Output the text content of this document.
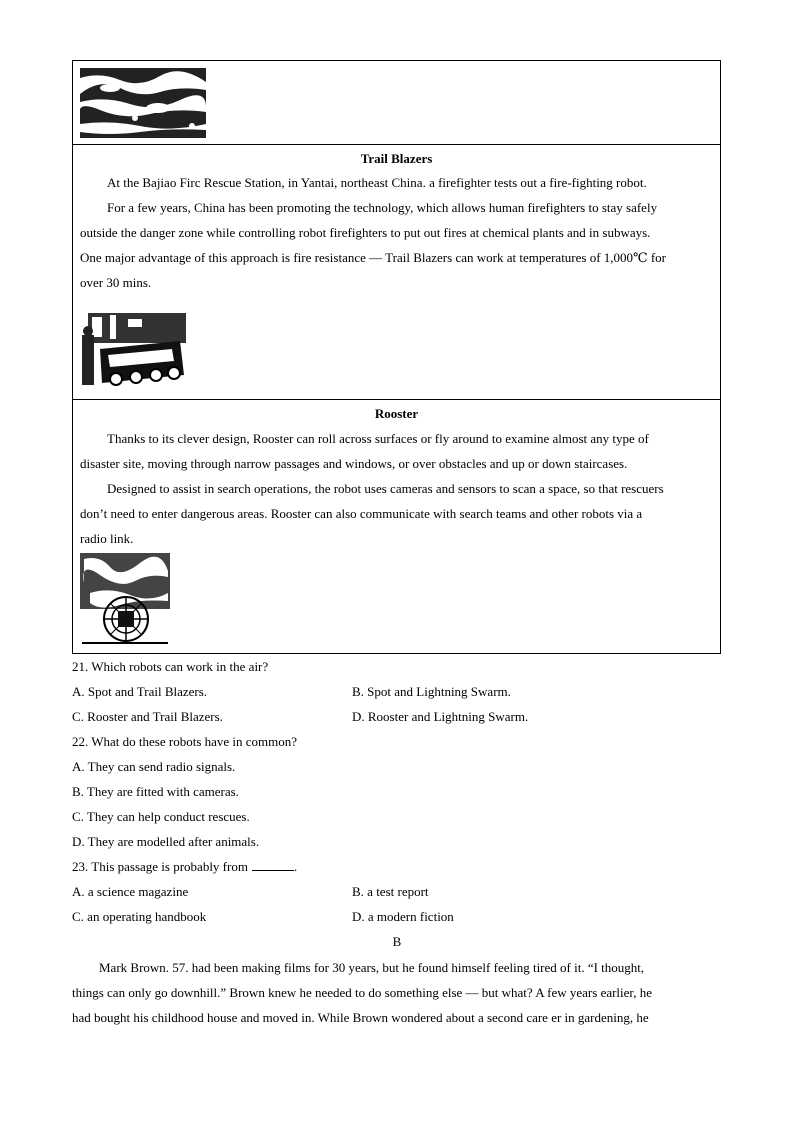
Trail Blazers
At the Bajiao Firc Rescue Station, in Yantai, northeast China. a firefighter tests out a fire-fighting robot.
For a few years, China has been promoting the technology, which allows human firefighters to stay safely
outside the danger zone while controlling robot firefighters to put out fires at chemical plants and in subways.
One major advantage of this approach is fire resistance — Trail Blazers can work at temperatures of 1,000℃ for
over 30 mins.
Rooster
Thanks to its clever design, Rooster can roll across surfaces or fly around to examine almost any type of
disaster site, moving through narrow passages and windows, or over obstacles and up or down staircases.
Designed to assist in search operations, the robot uses cameras and sensors to scan a space, so that rescuers
don’t need to enter dangerous areas. Rooster can also communicate with search teams and other robots via a
radio link.
21. Which robots can work in the air?
A. Spot and Trail Blazers.	B. Spot and Lightning Swarm.
C. Rooster and Trail Blazers.	D. Rooster and Lightning Swarm.
22. What do these robots have in common?
A. They can send radio signals.
B. They are fitted with cameras.
C. They can help conduct rescues.
D. They are modelled after animals.
23. This passage is probably from	.
A. a science magazine	B. a test report
C. an operating handbook	D. a modern fiction
B
Mark Brown. 57. had been making films for 30 years, but he found himself feeling tired of it. “I thought,
things can only go downhill.” Brown knew he needed to do something else — but what? A few years earlier, he
had bought his childhood house and moved in. While Brown wondered about a second care er in gardening, he
